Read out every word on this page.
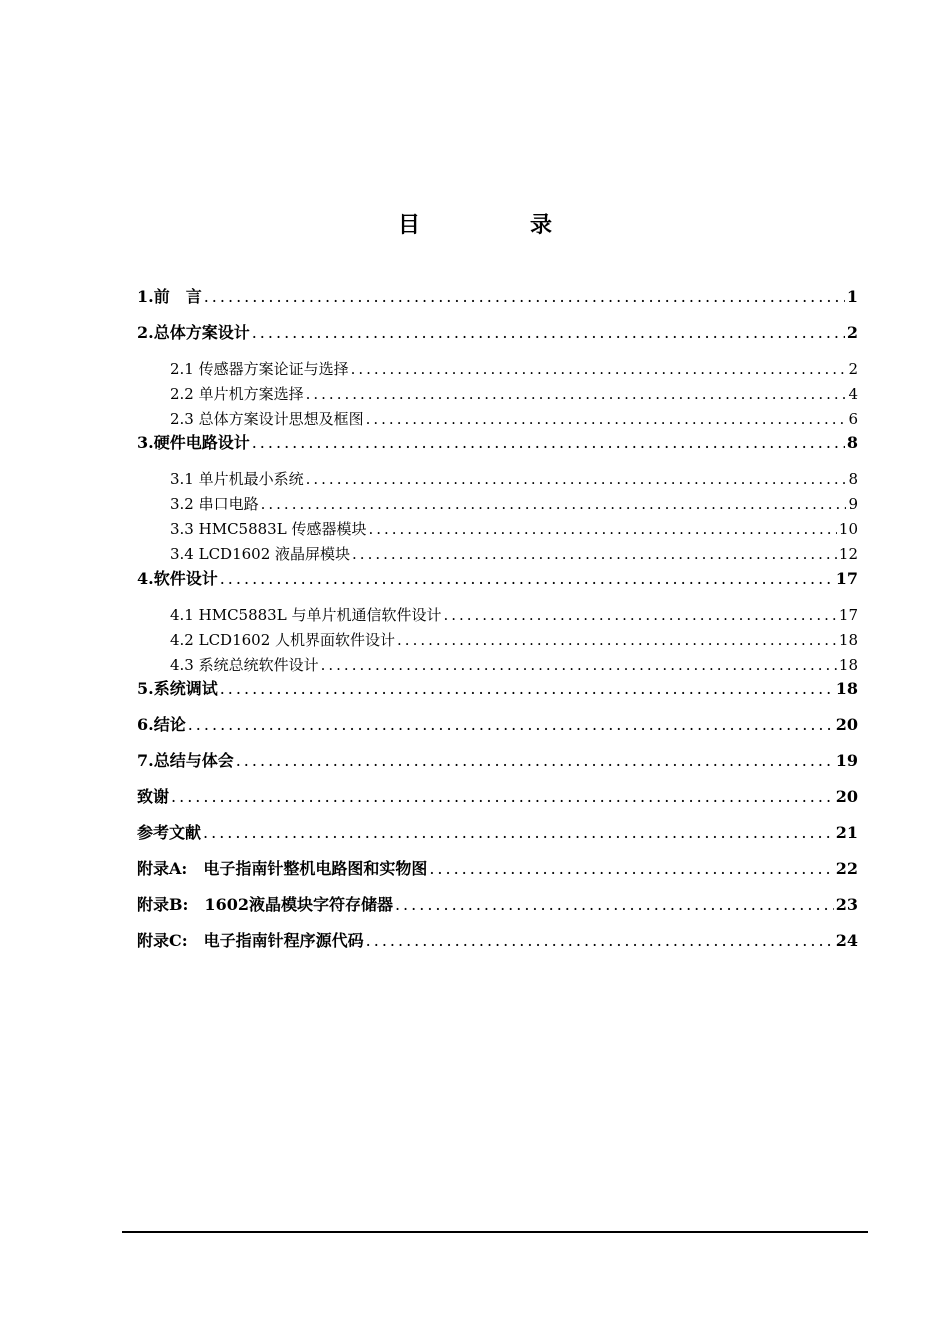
目　录
1.前　言 .....	1
2.总体方案设计 .....	2
2.1 传感器方案论证与选择 .....	2
2.2 单片机方案选择 .....	4
2.3 总体方案设计思想及框图 .....	6
3.硬件电路设计 .....	8
3.1 单片机最小系统 .....	8
3.2 串口电路 .....	9
3.3 HMC5883L 传感器模块 .....	10
3.4 LCD1602 液晶屏模块 .....	12
4.软件设计 .....	17
4.1 HMC5883L 与单片机通信软件设计 .....	17
4.2 LCD1602 人机界面软件设计 .....	18
4.3 系统总统软件设计 .....	18
5.系统调试 .....	18
6.结论 .....	20
7.总结与体会 .....	19
致谢 .....	20
参考文献 .....	21
附录A:　电子指南针整机电路图和实物图 .....	22
附录B:　1602液晶模块字符存储器 .....	23
附录C:　电子指南针程序源代码 .....	24
